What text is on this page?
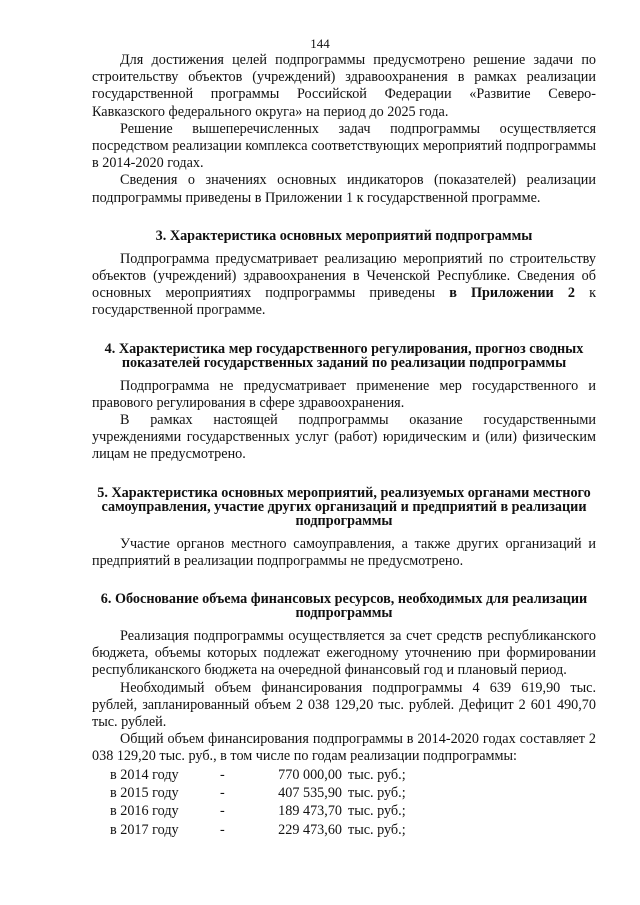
144

Для достижения целей подпрограммы предусмотрено решение задачи по строительству объектов (учреждений) здравоохранения в рамках реализации государственной программы Российской Федерации «Развитие Северо-Кавказского федерального округа» на период до 2025 года.

Решение вышеперечисленных задач подпрограммы осуществляется посредством реализации комплекса соответствующих мероприятий подпрограммы в 2014-2020 годах.

Сведения о значениях основных индикаторов (показателей) реализации подпрограммы приведены в Приложении 1 к государственной программе.

3. Характеристика основных мероприятий подпрограммы

Подпрограмма предусматривает реализацию мероприятий по строительству объектов (учреждений) здравоохранения в Чеченской Республике. Сведения об основных мероприятиях подпрограммы приведены в Приложении 2 к государственной программе.

4. Характеристика мер государственного регулирования, прогноз сводных показателей государственных заданий по реализации подпрограммы

Подпрограмма не предусматривает применение мер государственного и правового регулирования в сфере здравоохранения.

В рамках настоящей подпрограммы оказание государственными учреждениями государственных услуг (работ) юридическим и (или) физическим лицам не предусмотрено.

5. Характеристика основных мероприятий, реализуемых органами местного самоуправления, участие других организаций и предприятий в реализации подпрограммы

Участие органов местного самоуправления, а также других организаций и предприятий в реализации подпрограммы не предусмотрено.

6. Обоснование объема финансовых ресурсов, необходимых для реализации подпрограммы

Реализация подпрограммы осуществляется за счет средств республиканского бюджета, объемы которых подлежат ежегодному уточнению при формировании республиканского бюджета на очередной финансовый год и плановый период.

Необходимый объем финансирования подпрограммы 4 639 619,90 тыс. рублей, запланированный объем 2 038 129,20 тыс. рублей. Дефицит 2 601 490,70 тыс. рублей.

Общий объем финансирования подпрограммы в 2014-2020 годах составляет 2 038 129,20 тыс. руб., в том числе по годам реализации подпрограммы:

в 2014 году	-	770 000,00 тыс. руб.;
в 2015 году	-	407 535,90 тыс. руб.;
в 2016 году	-	189 473,70 тыс. руб.;
в 2017 году	-	229 473,60 тыс. руб.;
